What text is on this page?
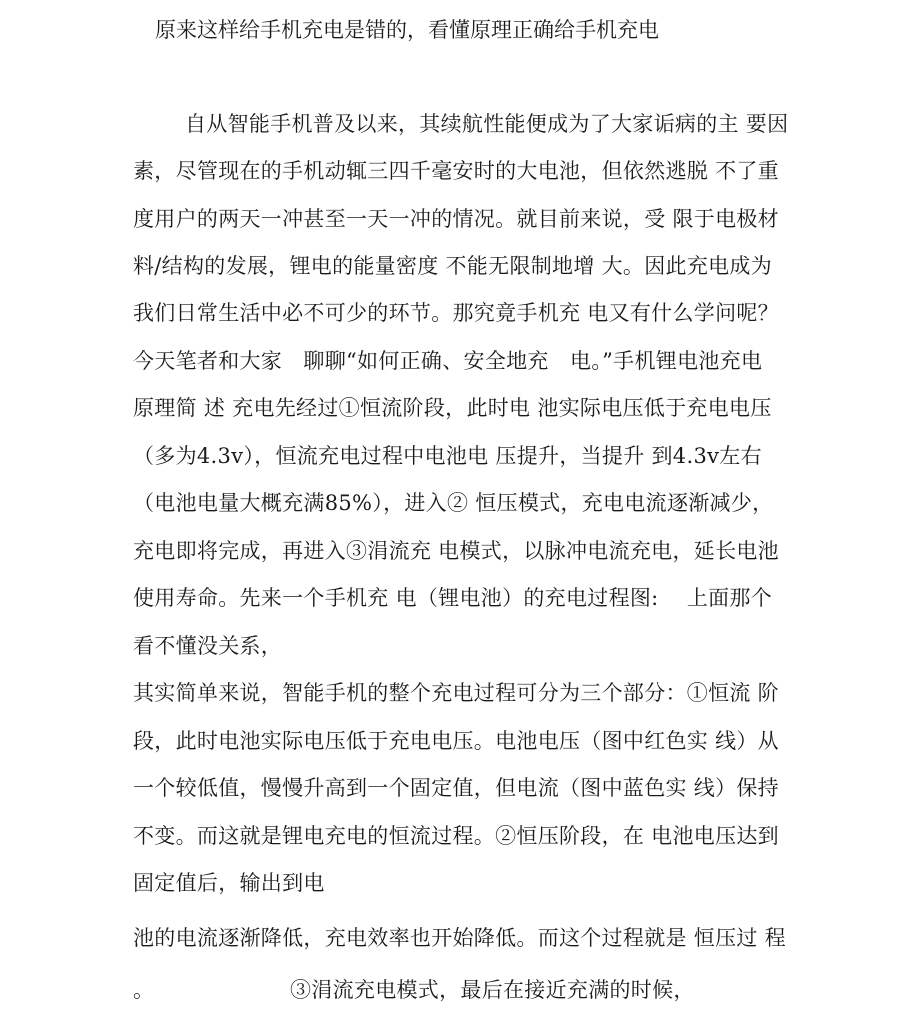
原来这样给手机充电是错的，看懂原理正确给手机充电
自从智能手机普及以来，其续航性能便成为了大家诟病的主 要因
素，尽管现在的手机动辄三四千毫安时的大电池，但依然逃脱 不了重
度用户的两天一冲甚至一天一冲的情况。就目前来说，受 限于电极材
料/结构的发展，锂电的能量密度 不能无限制地增 大。因此充电成为
我们日常生活中必不可少的环节。那究竟手机充 电又有什么学问呢？
今天笔者和大家　聊聊“如何正确、安全地充　电。”手机锂电池充电
原理简 述 充电先经过①恒流阶段，此时电 池实际电压低于充电电压
（多为4.3v），恒流充电过程中电池电 压提升，当提升 到4.3v左右
（电池电量大概充满85%），进入② 恒压模式，充电电流逐渐减少，
充电即将完成，再进入③涓流充 电模式，以脉冲电流充电，延长电池
使用寿命。先来一个手机充 电（锂电池）的充电过程图:　 上面那个
看不懂没关系，
其实简单来说，智能手机的整个充电过程可分为三个部分：①恒流 阶
段，此时电池实际电压低于充电电压。电池电压（图中红色实 线）从
一个较低值，慢慢升高到一个固定值，但电流（图中蓝色实 线）保持
不变。而这就是锂电充电的恒流过程。②恒压阶段，在 电池电压达到
固定值后，输出到电
池的电流逐渐降低，充电效率也开始降低。而这个过程就是 恒压过 程
。	③涓流充电模式，最后在接近充满的时候，
